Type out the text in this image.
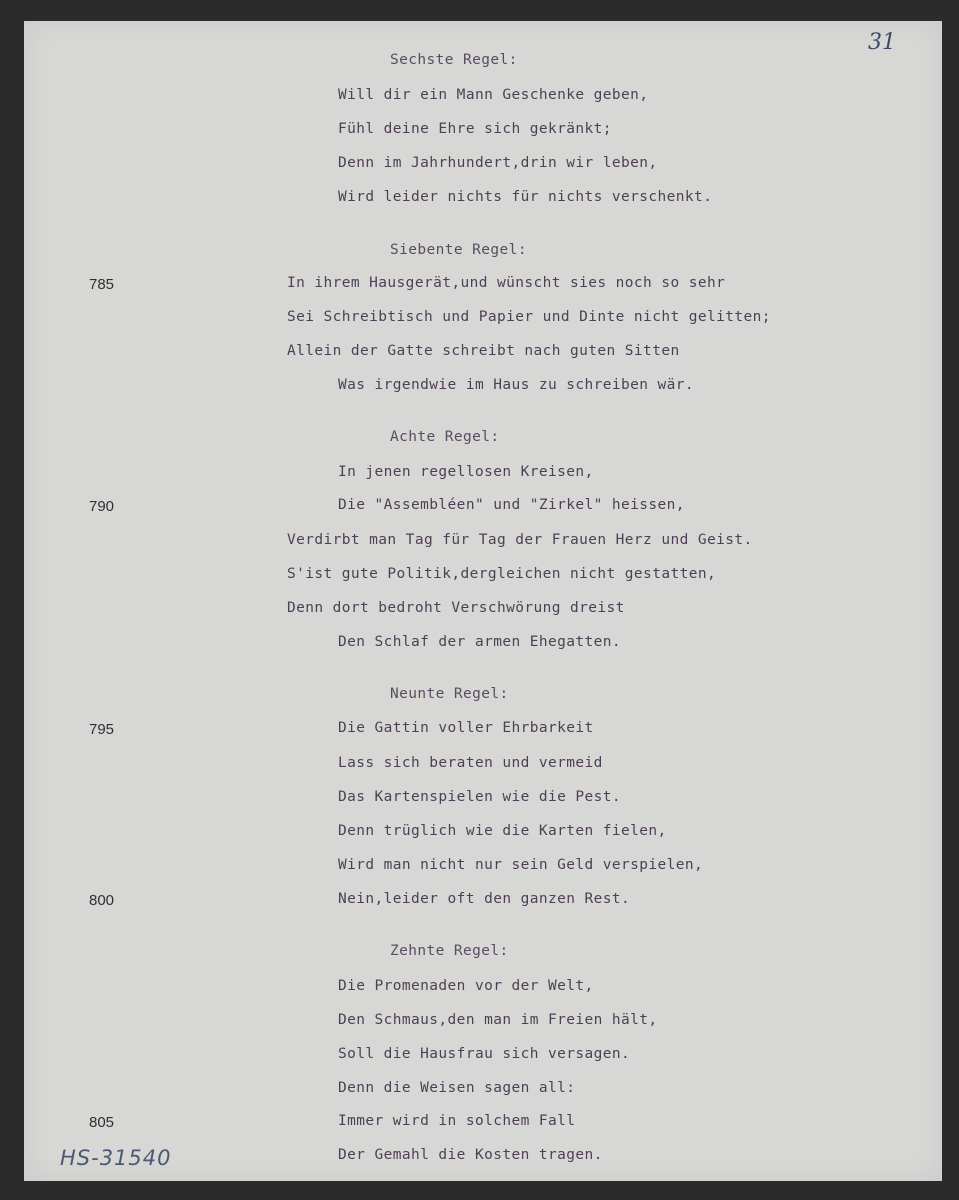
31
Sechste Regel:
Will dir ein Mann Geschenke geben,
Fühl deine Ehre sich gekränkt;
Denn im Jahrhundert,drin wir leben,
Wird leider nichts für nichts verschenkt.
Siebente Regel:
785	In ihrem Hausgerät,und wünscht sies noch so sehr
Sei Schreibtisch und Papier und Dinte nicht gelitten;
Allein der Gatte schreibt nach guten Sitten
Was irgendwie im Haus zu schreiben wär.
Achte Regel:
In jenen regellosen Kreisen,
790	Die "Assembléen" und "Zirkel" heissen,
Verdirbt man Tag für Tag der Frauen Herz und Geist.
S'ist gute Politik,dergleichen nicht gestatten,
Denn dort bedroht Verschwörung dreist
Den Schlaf der armen Ehegatten.
Neunte Regel:
795	Die Gattin voller Ehrbarkeit
Lass sich beraten und vermeid
Das Kartenspielen wie die Pest.
Denn trüglich wie die Karten fielen,
Wird man nicht nur sein Geld verspielen,
800	Nein,leider oft den ganzen Rest.
Zehnte Regel:
Die Promenaden vor der Welt,
Den Schmaus,den man im Freien hält,
Soll die Hausfrau sich versagen.
Denn die Weisen sagen all:
805	Immer wird in solchem Fall
Der Gemahl die Kosten tragen.
HS-31540
